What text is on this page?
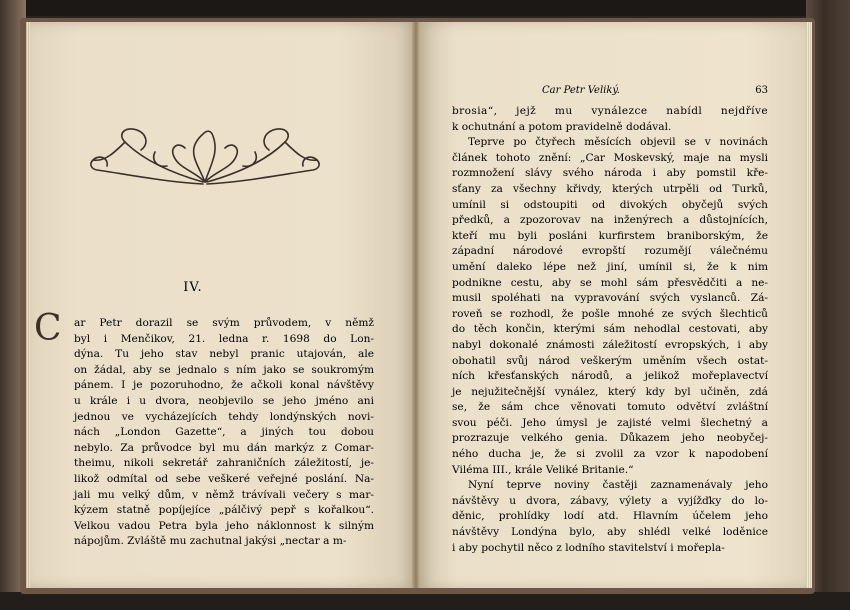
IV.
C ar Petr dorazil se svým průvodem, v němž
byl i Menčikov, 21. ledna r. 1698 do Lon-
dýna. Tu jeho stav nebyl pranic utajován, ale
on žádal, aby se jednalo s ním jako se soukromým
pánem. I je pozoruhodno, že ačkoli konal návštěvy
u krále i u dvora, neobjevilo se jeho jméno ani
jednou ve vycházejících tehdy londýnských novi-
nách „London Gazette“, a jiných tou dobou
nebylo. Za průvodce byl mu dán markýz z Comar-
theimu, nikoli sekretář zahraničních záležitostí, je-
likož odmítal od sebe veškeré veřejné poslání. Na-
jali mu velký dům, v němž trávívali večery s mar-
kýzem statně popíjejíce „pálčivý pepř s kořalkou“.
Velkou vadou Petra byla jeho náklonnost k silným
nápojům. Zvláště mu zachutnal jakýsi „nectar a m-
Car Petr Veliký.	63
brosia“, jejž mu vynálezce nabídl nejdříve
k ochutnání a potom pravidelně dodával.
Teprve po čtyřech měsících objevil se v novinách
článek tohoto znění: „Car Moskevský, maje na mysli
rozmnožení slávy svého národa i aby pomstil kře-
sťany za všechny křivdy, kterých utrpěli od Turků,
umínil si odstoupiti od divokých obyčejů svých
předků, a zpozorovav na inženýrech a důstojnících,
kteří mu byli posláni kurfirstem braniborským, že
západní národové evropští rozumějí válečnému
umění daleko lépe než jiní, umínil si, že k nim
podnikne cestu, aby se mohl sám přesvědčiti a ne-
musil spoléhati na vypravování svých vyslanců. Zá-
roveň se rozhodl, že pošle mnohé ze svých šlechticů
do těch končin, kterými sám nehodlal cestovati, aby
nabyl dokonalé známosti záležitostí evropských, i aby
obohatil svůj národ veškerým uměním všech ostat-
ních křesťanských národů, a jelikož mořeplavectví
je nejužitečnější vynález, který kdy byl učiněn, zdá
se, že sám chce věnovati tomuto odvětví zvláštní
svou péči. Jeho úmysl je zajisté velmi šlechetný a
prozrazuje velkého genia. Důkazem jeho neobyčej-
ného ducha je, že si zvolil za vzor k napodobení
Viléma III., krále Veliké Britanie.“
Nyní teprve noviny častěji zaznamenávaly jeho
návštěvy u dvora, zábavy, výlety a vyjížďky do lo-
děnic, prohlídky lodí atd. Hlavním účelem jeho
návštěvy Londýna bylo, aby shlédl velké loděnice
i aby pochytil něco z lodního stavitelství i mořepla-
